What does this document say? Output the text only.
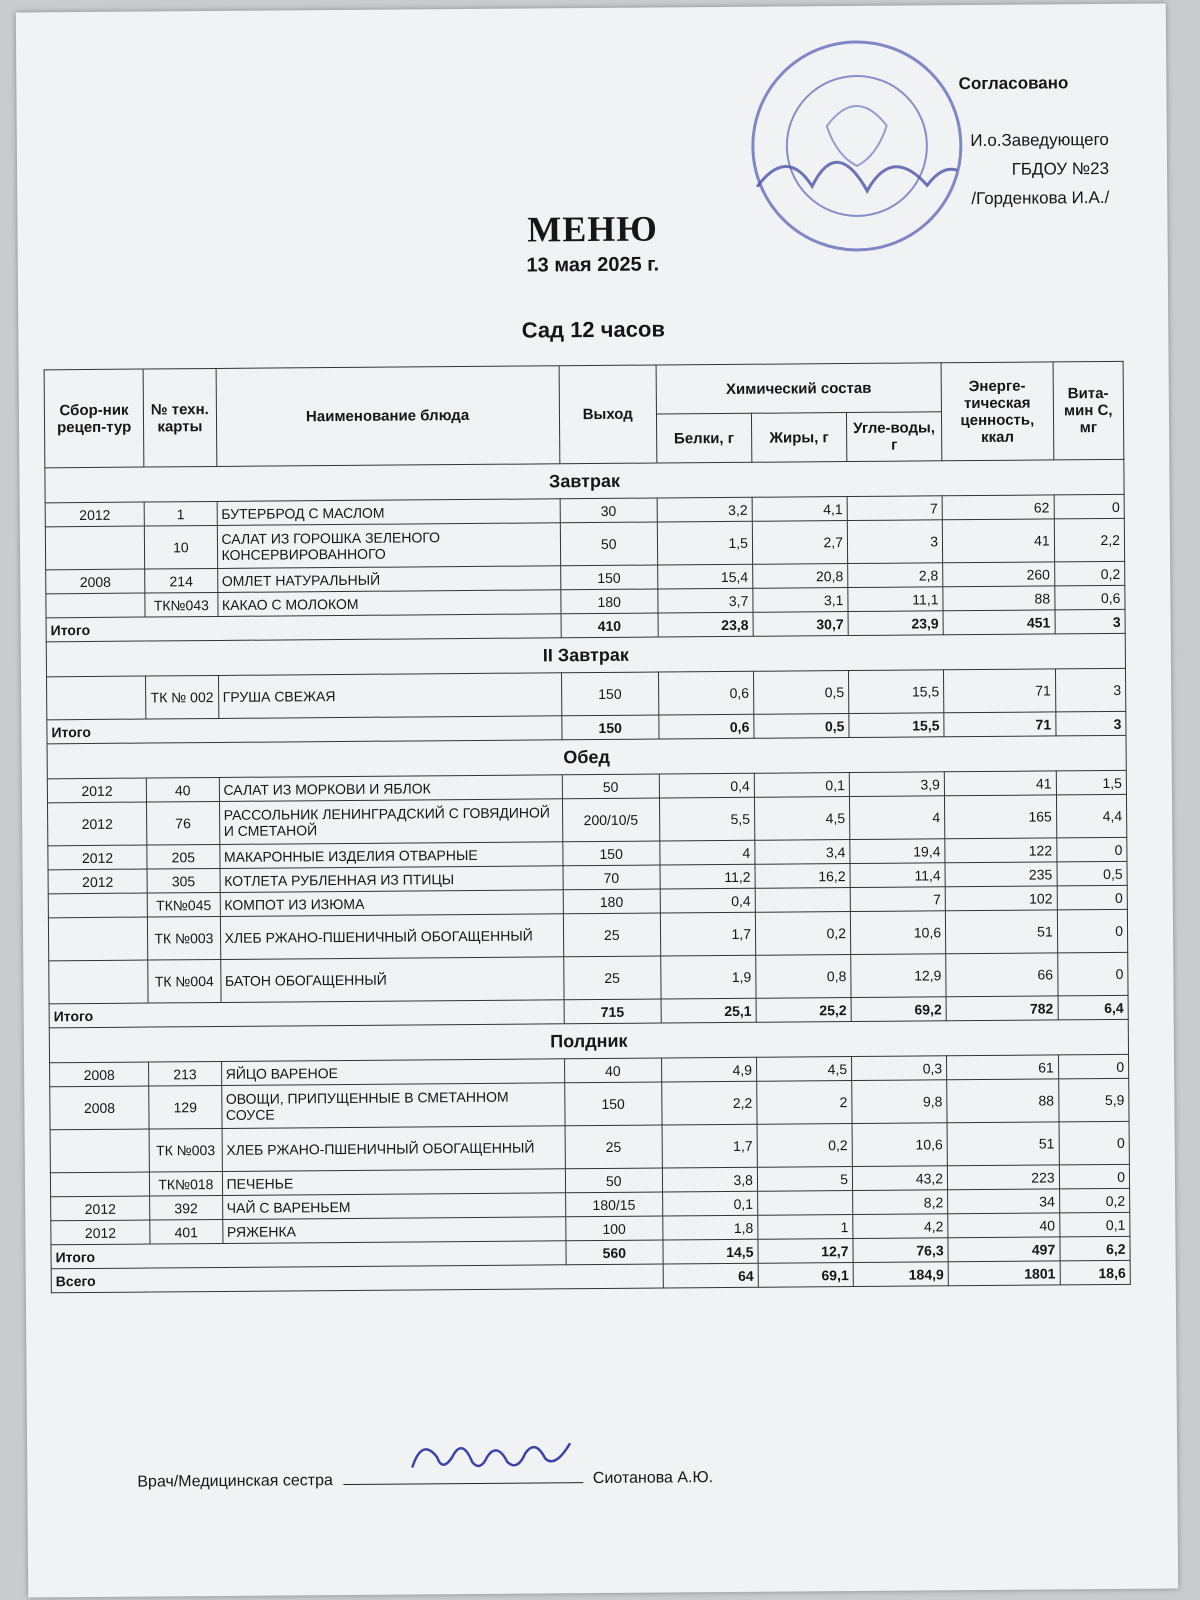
Согласовано
И.о.Заведующего
ГБДОУ №23
/Горденкова И.А./
МЕНЮ
13 мая 2025 г.
Сад 12 часов
Сбор-ник рецеп-тур	№ техн. карты	Наименование блюда	Выход	Химический состав			Энерге-тическая ценность, ккал	Вита-мин С, мг
				Белки, г	Жиры, г	Угле-воды, г		
Завтрак								
2012	1	БУТЕРБРОД С МАСЛОМ	30	3,2	4,1	7	62	0
	10	САЛАТ ИЗ ГОРОШКА ЗЕЛЕНОГО КОНСЕРВИРОВАННОГО	50	1,5	2,7	3	41	2,2
2008	214	ОМЛЕТ НАТУРАЛЬНЫЙ	150	15,4	20,8	2,8	260	0,2
	ТК№043	КАКАО С МОЛОКОМ	180	3,7	3,1	11,1	88	0,6
Итого			410	23,8	30,7	23,9	451	3
II Завтрак								
	ТК № 002	ГРУША СВЕЖАЯ	150	0,6	0,5	15,5	71	3
Итого			150	0,6	0,5	15,5	71	3
Обед								
2012	40	САЛАТ ИЗ МОРКОВИ И ЯБЛОК	50	0,4	0,1	3,9	41	1,5
2012	76	РАССОЛЬНИК ЛЕНИНГРАДСКИЙ С ГОВЯДИНОЙ И СМЕТАНОЙ	200/10/5	5,5	4,5	4	165	4,4
2012	205	МАКАРОННЫЕ ИЗДЕЛИЯ ОТВАРНЫЕ	150	4	3,4	19,4	122	0
2012	305	КОТЛЕТА РУБЛЕННАЯ ИЗ ПТИЦЫ	70	11,2	16,2	11,4	235	0,5
	ТК№045	КОМПОТ ИЗ ИЗЮМА	180	0,4		7	102	0
	ТК №003	ХЛЕБ РЖАНО-ПШЕНИЧНЫЙ ОБОГАЩЕННЫЙ	25	1,7	0,2	10,6	51	0
	ТК №004	БАТОН ОБОГАЩЕННЫЙ	25	1,9	0,8	12,9	66	0
Итого			715	25,1	25,2	69,2	782	6,4
Полдник								
2008	213	ЯЙЦО ВАРЕНОЕ	40	4,9	4,5	0,3	61	0
2008	129	ОВОЩИ, ПРИПУЩЕННЫЕ В СМЕТАННОМ СОУСЕ	150	2,2	2	9,8	88	5,9
	ТК №003	ХЛЕБ РЖАНО-ПШЕНИЧНЫЙ ОБОГАЩЕННЫЙ	25	1,7	0,2	10,6	51	0
	ТК№018	ПЕЧЕНЬЕ	50	3,8	5	43,2	223	0
2012	392	ЧАЙ С ВАРЕНЬЕМ	180/15	0,1		8,2	34	0,2
2012	401	РЯЖЕНКА	100	1,8	1	4,2	40	0,1
Итого			560	14,5	12,7	76,3	497	6,2
Всего				64	69,1	184,9	1801	18,6
Врач/Медицинская сестра	Сиотанова А.Ю.
